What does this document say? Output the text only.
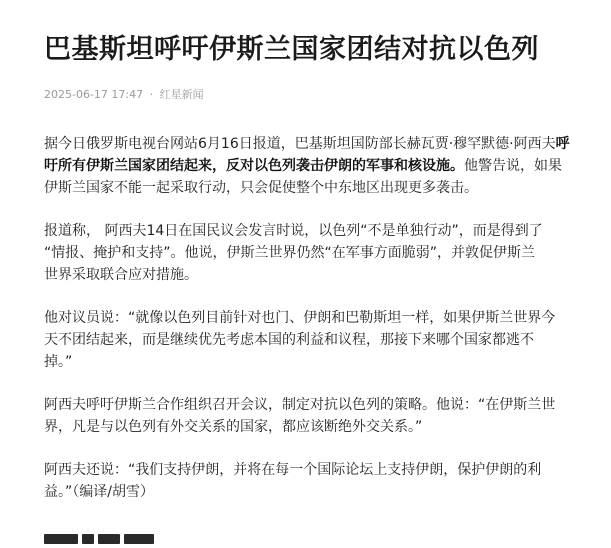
巴基斯坦呼吁伊斯兰国家团结对抗以色列
2025-06-17 17:47 · 红星新闻
据今日俄罗斯电视台网站6月16日报道，巴基斯坦国防部长赫瓦贾·穆罕默德·阿西夫呼
吁所有伊斯兰国家团结起来，反对以色列袭击伊朗的军事和核设施。他警告说，如果
伊斯兰国家不能一起采取行动，只会促使整个中东地区出现更多袭击。
报道称， 阿西夫14日在国民议会发言时说，以色列“不是单独行动”，而是得到了
“情报、掩护和支持”。他说，伊斯兰世界仍然“在军事方面脆弱”，并敦促伊斯兰
世界采取联合应对措施。
他对议员说：“就像以色列目前针对也门、伊朗和巴勒斯坦一样，如果伊斯兰世界今
天不团结起来，而是继续优先考虑本国的利益和议程，那接下来哪个国家都逃不
掉。”
阿西夫呼吁伊斯兰合作组织召开会议，制定对抗以色列的策略。他说：“在伊斯兰世
界，凡是与以色列有外交关系的国家，都应该断绝外交关系。”
阿西夫还说：“我们支持伊朗，并将在每一个国际论坛上支持伊朗，保护伊朗的利
益。”（编译/胡雪）
